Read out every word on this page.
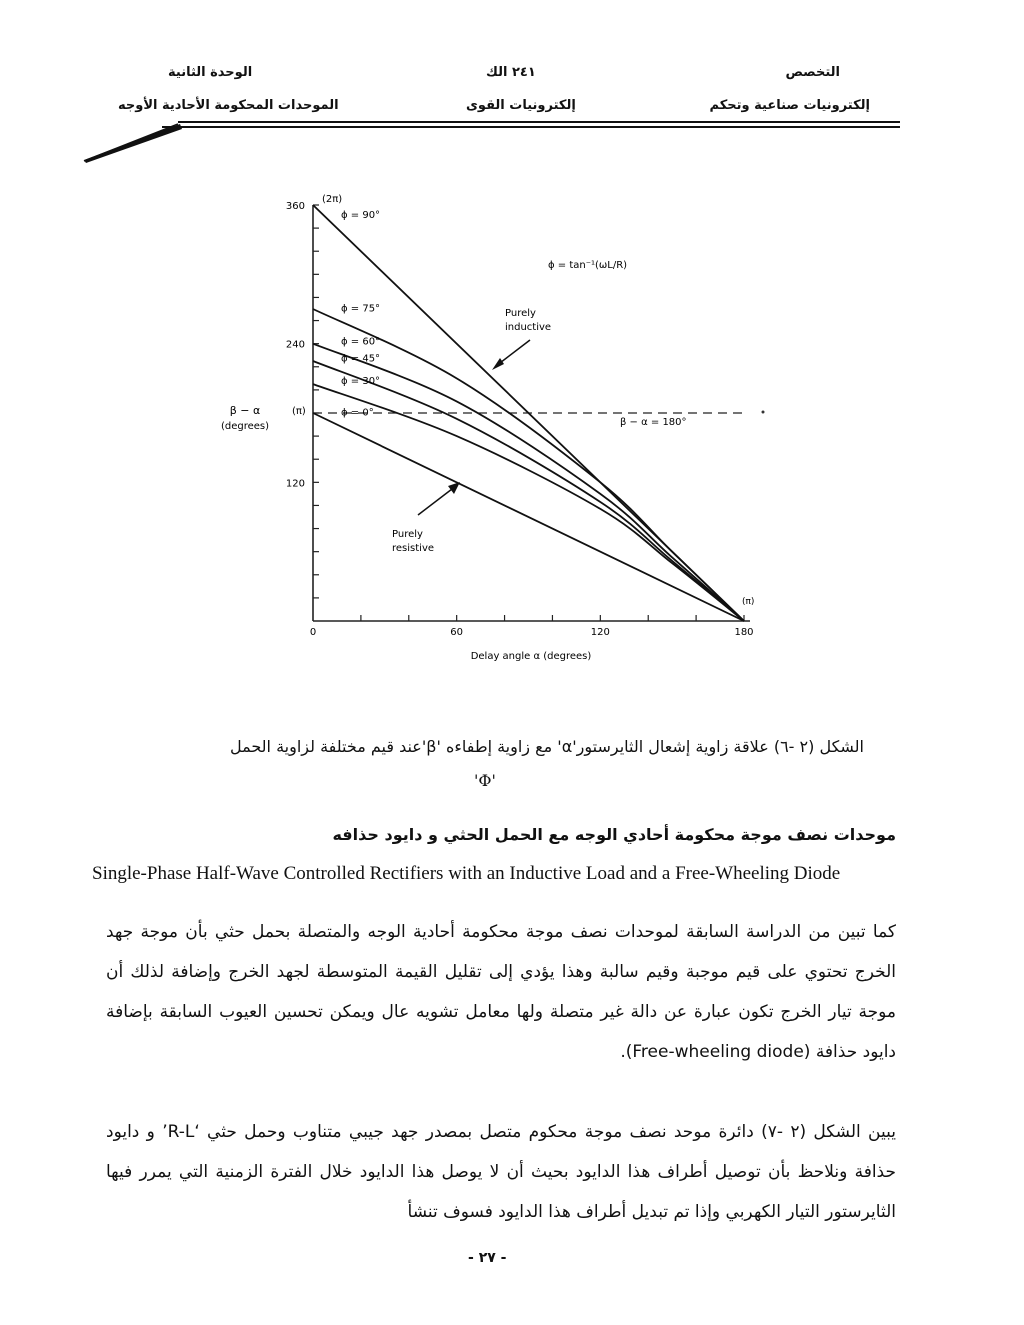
التخصص
إلكترونيات صناعية وتحكم
٢٤١ الك
إلكترونيات القوى
الوحدة الثانية
الموحدات المحكومة الأحادية الأوجه
0	60	120	180
120
240
360
ϕ = 90°
ϕ = 75°
ϕ = 60°
ϕ = 45°
ϕ = 30°
ϕ = 0°
β − α
(degrees)
Delay angle α (degrees)
ϕ = tan⁻¹(ωL/R)
Purely
inductive
Purely
resistive
β − α = 180°
(2π)
(π)
(π)
الشكل (٢ -٦) علاقة زاوية إشعال الثايرستور'α' مع زاوية إطفاءه 'β'عند قيم مختلفة لزاوية الحمل
'Φ'
موحدات نصف موجة محكومة أحادي الوجه مع الحمل الحثي و دايود حذافه
Single-Phase Half-Wave Controlled Rectifiers with an Inductive Load and a Free-Wheeling Diode
كما تبين من الدراسة السابقة لموحدات نصف موجة محكومة أحادية الوجه والمتصلة بحمل حثي بأن موجة جهد الخرج تحتوي على قيم موجبة وقيم سالبة وهذا يؤدي إلى تقليل القيمة المتوسطة لجهد الخرج وإضافة لذلك أن موجة تيار الخرج تكون عبارة عن دالة غير متصلة ولها معامل تشويه عال ويمكن تحسين العيوب السابقة بإضافة دايود حذافة (Free-wheeling diode).
يبين الشكل (٢ -٧) دائرة موحد نصف موجة محكوم متصل بمصدر جهد جيبي متناوب وحمل حثي ‘R-L’ و دايود حذافة ونلاحظ بأن توصيل أطراف هذا الدايود بحيث أن لا يوصل هذا الدايود خلال الفترة الزمنية التي يمرر فيها الثايرستور التيار الكهربي وإذا تم تبديل أطراف هذا الدايود فسوف تنشأ
- ٢٧ -
